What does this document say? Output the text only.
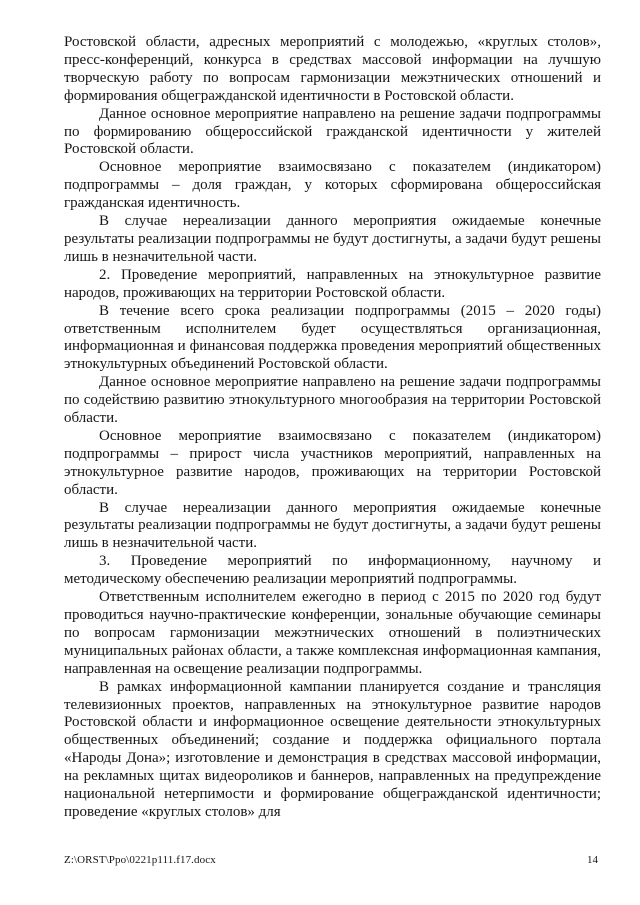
Ростовской области, адресных мероприятий с молодежью, «круглых столов», пресс-конференций, конкурса в средствах массовой информации на лучшую творческую работу по вопросам гармонизации межэтнических отношений и формирования общегражданской идентичности в Ростовской области.

Данное основное мероприятие направлено на решение задачи подпрограммы по формированию общероссийской гражданской идентичности у жителей Ростовской области.

Основное мероприятие взаимосвязано с показателем (индикатором) подпрограммы – доля граждан, у которых сформирована общероссийская гражданская идентичность.

В случае нереализации данного мероприятия ожидаемые конечные результаты реализации подпрограммы не будут достигнуты, а задачи будут решены лишь в незначительной части.

2. Проведение мероприятий, направленных на этнокультурное развитие народов, проживающих на территории Ростовской области.

В течение всего срока реализации подпрограммы (2015 – 2020 годы) ответственным исполнителем будет осуществляться организационная, информационная и финансовая поддержка проведения мероприятий общественных этнокультурных объединений Ростовской области.

Данное основное мероприятие направлено на решение задачи подпрограммы по содействию развитию этнокультурного многообразия на территории Ростовской области.

Основное мероприятие взаимосвязано с показателем (индикатором) подпрограммы – прирост числа участников мероприятий, направленных на этнокультурное развитие народов, проживающих на территории Ростовской области.

В случае нереализации данного мероприятия ожидаемые конечные результаты реализации подпрограммы не будут достигнуты, а задачи будут решены лишь в незначительной части.

3. Проведение мероприятий по информационному, научному и методическому обеспечению реализации мероприятий подпрограммы.

Ответственным исполнителем ежегодно в период с 2015 по 2020 год будут проводиться научно-практические конференции, зональные обучающие семинары по вопросам гармонизации межэтнических отношений в полиэтнических муниципальных районах области, а также комплексная информационная кампания, направленная на освещение реализации подпрограммы.

В рамках информационной кампании планируется создание и трансляция телевизионных проектов, направленных на этнокультурное развитие народов Ростовской области и информационное освещение деятельности этнокультурных общественных объединений; создание и поддержка официального портала «Народы Дона»; изготовление и демонстрация в средствах массовой информации, на рекламных щитах видеороликов и баннеров, направленных на предупреждение национальной нетерпимости и формирование общегражданской идентичности; проведение «круглых столов» для

Z:\ORST\Ppo\0221p111.f17.docx	14
